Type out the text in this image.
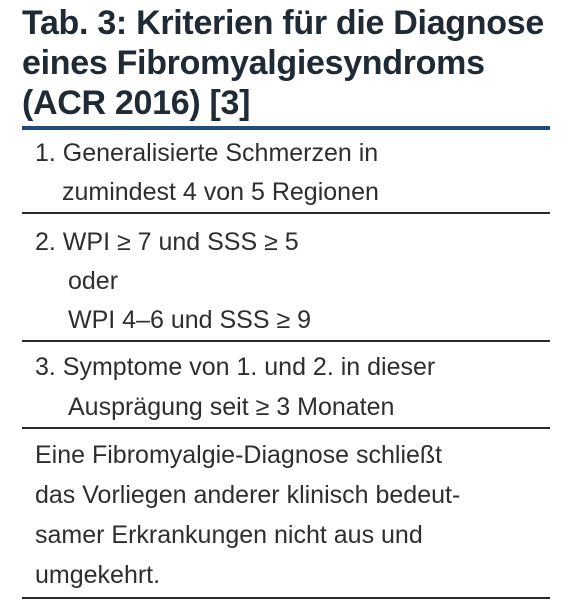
Tab. 3: Kriterien für die Diagnose
eines Fibromyalgiesyndroms
(ACR 2016) [3]
1. Generalisierte Schmerzen in
zumindest 4 von 5 Regionen
2. WPI ≥ 7 und SSS ≥ 5
oder
WPI 4–6 und SSS ≥ 9
3. Symptome von 1. und 2. in dieser
Ausprägung seit ≥ 3 Monaten
Eine Fibromyalgie-Diagnose schließt
das Vorliegen anderer klinisch bedeut-
samer Erkrankungen nicht aus und
umgekehrt.
